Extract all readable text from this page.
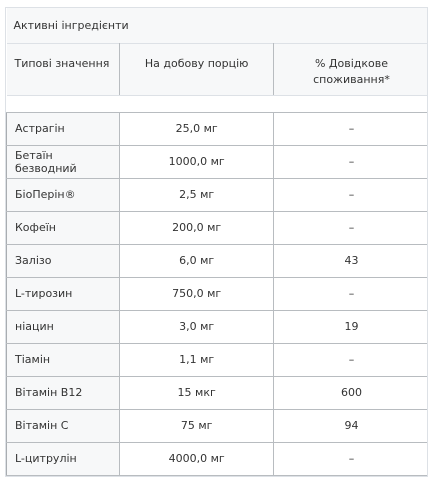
Активні інгредієнти		
Типові значення	На добову порцію	% Довідкове споживання*

Астрагін	25,0 мг	–
Бетаїн безводний	1000,0 мг	–
БіоПерін®	2,5 мг	–
Кофеїн	200,0 мг	–
Залізо	6,0 мг	43
L-тирозин	750,0 мг	–
ніацин	3,0 мг	19
Тіамін	1,1 мг	–
Вітамін B12	15 мкг	600
Вітамін C	75 мг	94
L-цитрулін	4000,0 мг	–
